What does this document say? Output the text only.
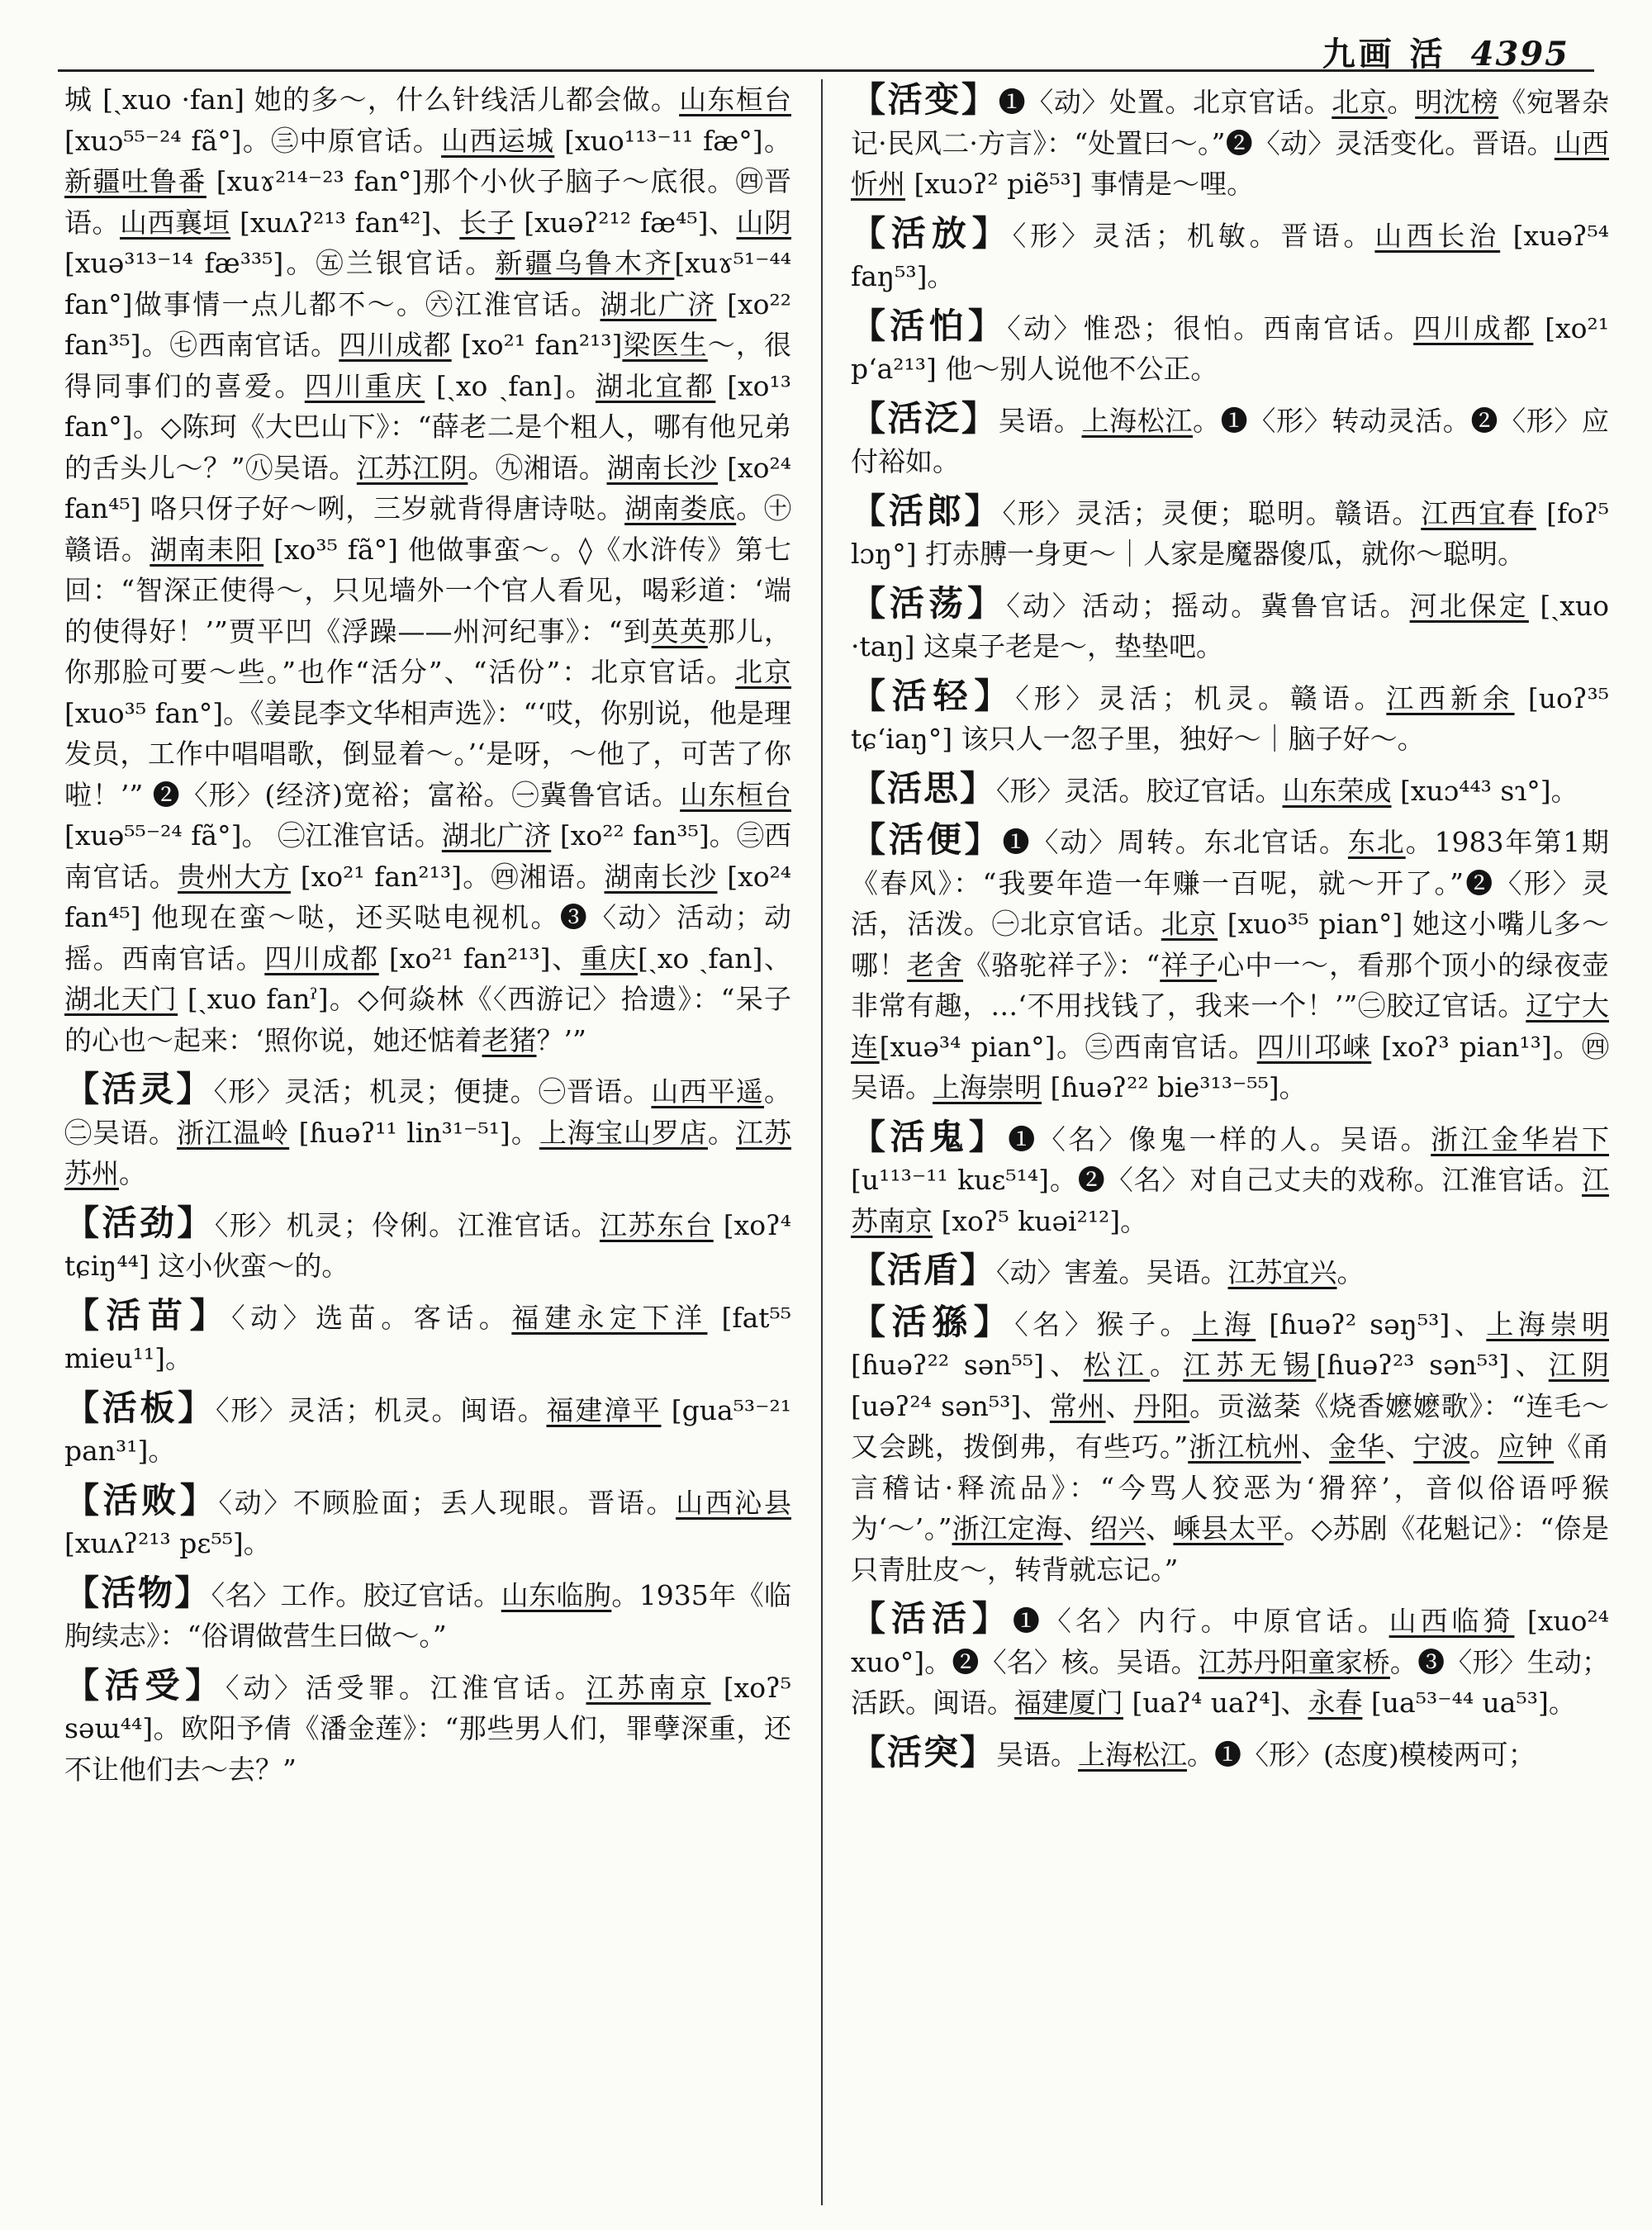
九画 活 4395

城 [ˏxuo ·fan] 她的多～，什么针线活儿都会做。山东桓台 [xuɔ⁵⁵⁻²⁴ fã°]。㊂中原官话。山西运城 [xuo¹¹³⁻¹¹ fæ°]。新疆吐鲁番 [xuɤ²¹⁴⁻²³ fan°]那个小伙子脑子～底很。㊃晋语。山西襄垣 [xuʌʔ²¹³ fan⁴²]、长子 [xuəʔ²¹² fæ⁴⁵]、山阴 [xuə³¹³⁻¹⁴ fæ³³⁵]。㊄兰银官话。新疆乌鲁木齐[xuɤ⁵¹⁻⁴⁴ fan°]做事情一点儿都不～。㊅江淮官话。湖北广济 [xo²² fan³⁵]。㊆西南官话。四川成都 [xo²¹ fan²¹³]梁医生～，很得同事们的喜爱。四川重庆 [ˏxo ˏfan]。湖北宜都 [xo¹³ fan°]。◇陈珂《大巴山下》：“薛老二是个粗人，哪有他兄弟的舌头儿～？”㊇吴语。江苏江阴。㊈湘语。湖南长沙 [xo²⁴ fan⁴⁵] 咯只伢子好～咧，三岁就背得唐诗哒。湖南娄底。㊉赣语。湖南耒阳 [xo³⁵ fã°] 他做事蛮～。◊《水浒传》第七回：“智深正使得～，只见墙外一个官人看见，喝彩道：‘端的使得好！’”贾平凹《浮躁——州河纪事》：“到英英那儿，你那脸可要～些。”也作“活分”、“活份”：北京官话。北京 [xuo³⁵ fan°]。《姜昆李文华相声选》：“‘哎，你别说，他是理发员，工作中唱唱歌，倒显着～。’‘是呀，～他了，可苦了你啦！’” ❷〈形〉(经济)宽裕；富裕。㊀冀鲁官话。山东桓台 [xuə⁵⁵⁻²⁴ fã°]。 ㊁江淮官话。湖北广济 [xo²² fan³⁵]。㊂西南官话。贵州大方 [xo²¹ fan²¹³]。㊃湘语。湖南长沙 [xo²⁴ fan⁴⁵] 他现在蛮～哒，还买哒电视机。❸〈动〉活动；动摇。西南官话。四川成都 [xo²¹ fan²¹³]、重庆[ˏxo ˏfan]、湖北天门 [ˏxuo fanˀ]。◇何焱林《〈西游记〉拾遗》：“呆子的心也～起来：‘照你说，她还惦着老猪？’”

【活灵】〈形〉灵活；机灵；便捷。㊀晋语。山西平遥。㊁吴语。浙江温岭 [ɦuəʔ¹¹ lin³¹⁻⁵¹]。上海宝山罗店。江苏苏州。

【活劲】〈形〉机灵；伶俐。江淮官话。江苏东台 [xoʔ⁴ tɕiŋ⁴⁴] 这小伙蛮～的。

【活苗】〈动〉选苗。客话。福建永定下洋 [fat⁵⁵ mieu¹¹]。

【活板】〈形〉灵活；机灵。闽语。福建漳平 [gua⁵³⁻²¹ pan³¹]。

【活败】〈动〉不顾脸面；丢人现眼。晋语。山西沁县 [xuʌʔ²¹³ pɛ⁵⁵]。

【活物】〈名〉工作。胶辽官话。山东临朐。1935年《临朐续志》：“俗谓做营生曰做～。”

【活受】〈动〉活受罪。江淮官话。江苏南京 [xoʔ⁵ səɯ⁴⁴]。欧阳予倩《潘金莲》：“那些男人们，罪孽深重，还不让他们去～去？”

【活变】❶〈动〉处置。北京官话。北京。明沈榜《宛署杂记·民风二·方言》：“处置曰～。”❷〈动〉灵活变化。晋语。山西忻州 [xuɔʔ² piẽ⁵³] 事情是～哩。

【活放】〈形〉灵活；机敏。晋语。山西长治 [xuəʔ⁵⁴ faŋ⁵³]。

【活怕】〈动〉惟恐；很怕。西南官话。四川成都 [xo²¹ pʻa²¹³] 他～别人说他不公正。

【活泛】吴语。上海松江。❶〈形〉转动灵活。❷〈形〉应付裕如。

【活郎】〈形〉灵活；灵便；聪明。赣语。江西宜春 [foʔ⁵ lɔŋ°] 打赤膊一身更～｜人家是魔器傻瓜，就你～聪明。

【活荡】〈动〉活动；摇动。冀鲁官话。河北保定 [ˏxuo ·taŋ] 这桌子老是～，垫垫吧。

【活轻】〈形〉灵活；机灵。赣语。江西新余 [uoʔ³⁵ tɕʻiaŋ°] 该只人一忽子里，独好～｜脑子好～。

【活思】〈形〉灵活。胶辽官话。山东荣成 [xuɔ⁴⁴³ sɿ°]。

【活便】❶〈动〉周转。东北官话。东北。1983年第1期《春风》：“我要年造一年赚一百呢，就～开了。”❷〈形〉灵活，活泼。㊀北京官话。北京 [xuo³⁵ pian°] 她这小嘴儿多～哪！老舍《骆驼祥子》：“祥子心中一～，看那个顶小的绿夜壶非常有趣，…‘不用找钱了，我来一个！’”㊁胶辽官话。辽宁大连[xuə³⁴ pian°]。㊂西南官话。四川邛崃 [xoʔ³ pian¹³]。㊃吴语。上海崇明 [ɦuəʔ²² bie³¹³⁻⁵⁵]。

【活鬼】❶〈名〉像鬼一样的人。吴语。浙江金华岩下 [u¹¹³⁻¹¹ kuɛ⁵¹⁴]。❷〈名〉对自己丈夫的戏称。江淮官话。江苏南京 [xoʔ⁵ kuəi²¹²]。

【活盾】〈动〉害羞。吴语。江苏宜兴。

【活猻】〈名〉猴子。上海 [ɦuəʔ² səŋ⁵³]、上海崇明[ɦuəʔ²² sən⁵⁵]、松江。江苏无锡[ɦuəʔ²³ sən⁵³]、江阴 [uəʔ²⁴ sən⁵³]、常州、丹阳。贡滋棻《烧香嬷嬷歌》：“连毛～又会跳，拨倒弗，有些巧。”浙江杭州、金华、宁波。应钟《甬言稽诂·释流品》：“今骂人狡恶为‘猾猝’，音似俗语呼猴为‘～’。”浙江定海、绍兴、嵊县太平。◇苏剧《花魁记》：“倷是只青肚皮～，转背就忘记。”

【活活】❶〈名〉内行。中原官话。山西临猗 [xuo²⁴ xuo°]。❷〈名〉核。吴语。江苏丹阳童家桥。❸〈形〉生动；活跃。闽语。福建厦门 [uaʔ⁴ uaʔ⁴]、永春 [ua⁵³⁻⁴⁴ ua⁵³]。

【活突】吴语。上海松江。❶〈形〉(态度)模棱两可；
